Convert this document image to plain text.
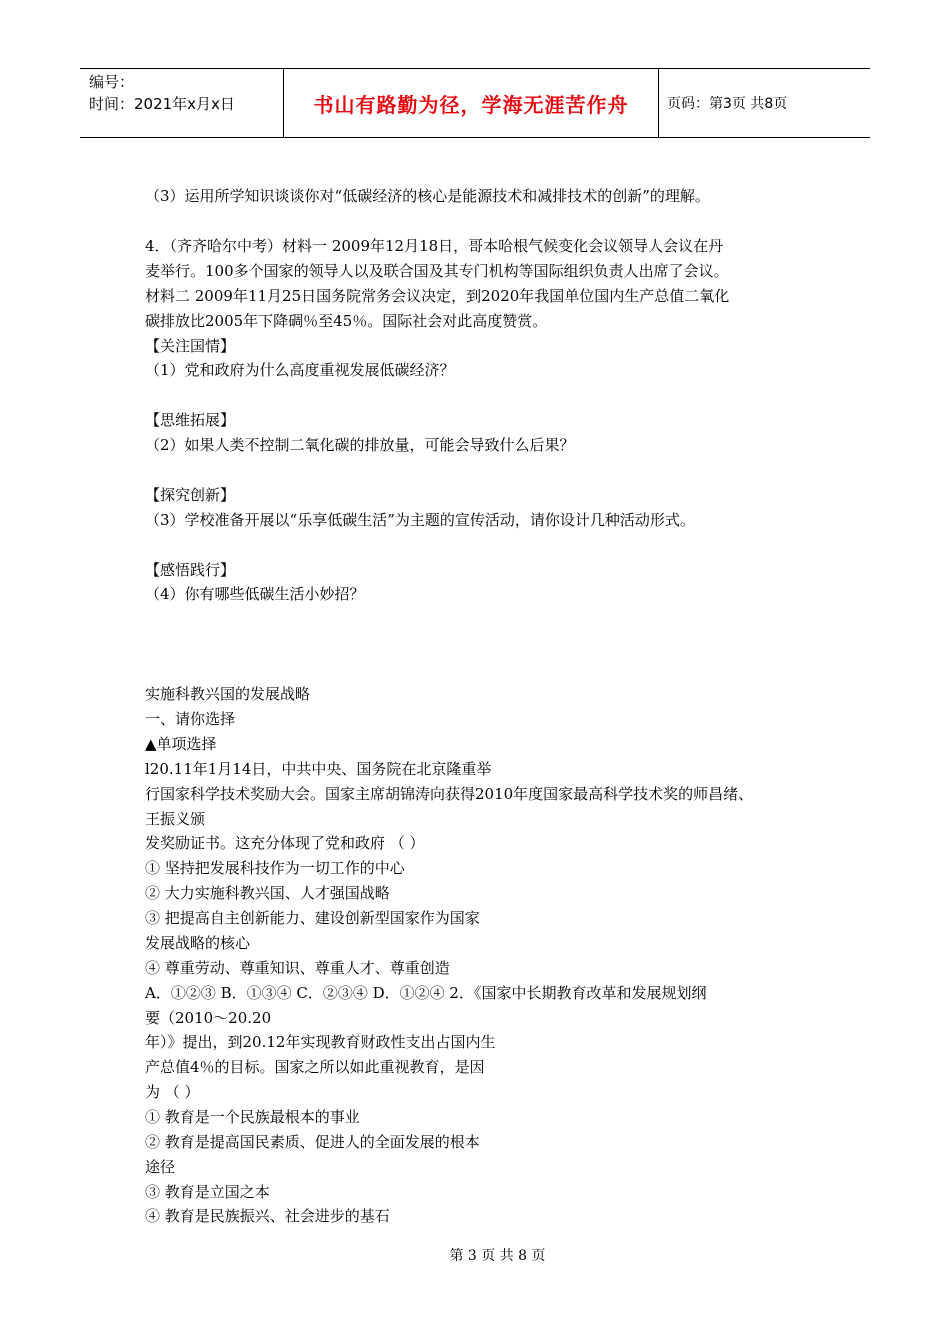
编号：
时间：2021年x月x日	书山有路勤为径，学海无涯苦作舟	页码：第3页 共8页
（3）运用所学知识谈谈你对“低碳经济的核心是能源技术和减排技术的创新”的理解。
4．（齐齐哈尔中考）材料一 2009年12月18日，哥本哈根气候变化会议领导人会议在丹
麦举行。100多个国家的领导人以及联合国及其专门机构等国际组织负责人出席了会议。
材料二 2009年11月25日国务院常务会议决定，到2020年我国单位国内生产总值二氧化
碳排放比2005年下降碉％至45％。国际社会对此高度赞赏。
【关注国情】
（1）党和政府为什么高度重视发展低碳经济？
【思维拓展】
（2）如果人类不控制二氧化碳的排放量，可能会导致什么后果？
【探究创新】
（3）学校准备开展以“乐享低碳生活”为主题的宣传活动，请你设计几种活动形式。
【感悟践行】
（4）你有哪些低碳生活小妙招？
实施科教兴国的发展战略
一、请你选择
▲单项选择
l20.11年1月14日，中共中央、国务院在北京隆重举
行国家科学技术奖励大会。国家主席胡锦涛向获得2010年度国家最高科学技术奖的师昌绪、
王振义颁
发奖励证书。这充分体现了党和政府 （ ）
① 坚持把发展科技作为一切工作的中心
② 大力实施科教兴国、人才强国战略
③ 把提高自主创新能力、建设创新型国家作为国家
发展战略的核心
④ 尊重劳动、尊重知识、尊重人才、尊重创造
A．①②③ B．①③④ C．②③④ D．①②④ 2．《国家中长期教育改革和发展规划纲
要（2010～20.20
年）》提出，到20.12年实现教育财政性支出占国内生
产总值4％的目标。国家之所以如此重视教育，是因
为 （ ）
① 教育是一个民族最根本的事业
② 教育是提高国民素质、促进人的全面发展的根本
途径
③ 教育是立国之本
④ 教育是民族振兴、社会进步的基石
第 3 页 共 8 页
